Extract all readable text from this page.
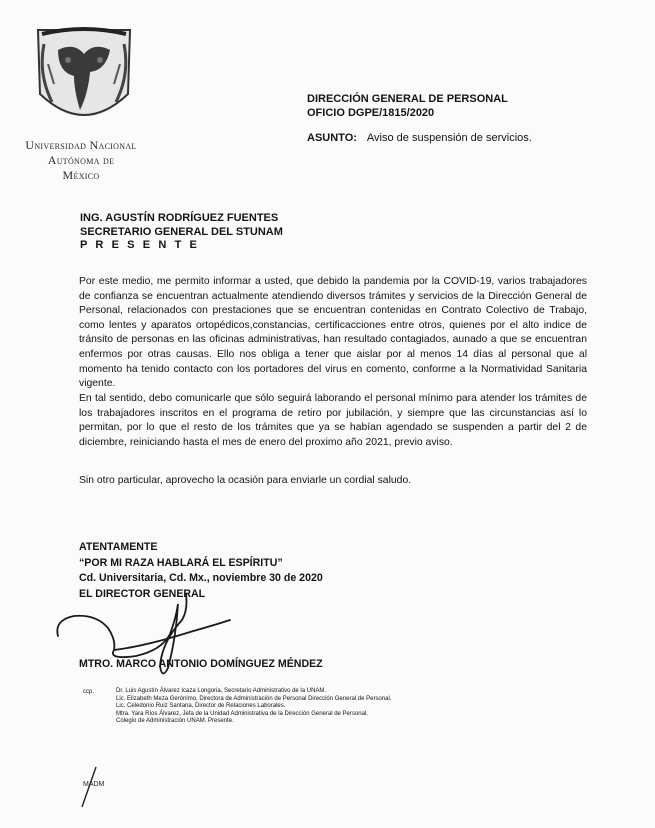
Universidad Nacional
Autónoma de
México
DIRECCIÓN GENERAL DE PERSONAL
OFICIO DGPE/1815/2020
ASUNTO: Aviso de suspensión de servicios.
ING. AGUSTÍN RODRÍGUEZ FUENTES
SECRETARIO GENERAL DEL STUNAM
P R E S E N T E
Por este medio, me permito informar a usted, que debido la pandemia por la COVID-19, varios trabajadores de confianza se encuentran actualmente atendiendo diversos trámites y servicios de la Dirección General de Personal, relacionados con prestaciones que se encuentran contenidas en Contrato Colectivo de Trabajo, como lentes y aparatos ortopédicos,constancias, certificacciones entre otros, quienes por el alto indice de tránsito de personas en las oficinas administrativas, han resultado contagiados, aunado a que se encuentran enfermos por otras causas. Ello nos obliga a tener que aislar por al menos 14 días al personal que al momento ha tenido contacto con los portadores del virus en comento, conforme a la Normatividad Sanitaria vigente.
En tal sentido, debo comunicarle que sólo seguirá laborando el personal mínimo para atender los trámites de los trabajadores inscritos en el programa de retiro por jubilación, y siempre que las circunstancias así lo permitan, por lo que el resto de los trámites que ya se habían agendado se suspenden a partir del 2 de diciembre, reiniciando hasta el mes de enero del proximo año 2021, previo aviso.
Sin otro particular, aprovecho la ocasión para enviarle un cordial saludo.
ATENTAMENTE
“POR MI RAZA HABLARÁ EL ESPÍRITU”
Cd. Universitaria, Cd. Mx., noviembre 30 de 2020
EL DIRECTOR GENERAL
MTRO. MARCO ANTONIO DOMÍNGUEZ MÉNDEZ
ccp.	Dr. Luis Agustín Álvarez Icaza Longoria, Secretario Administrativo de la UNAM.
Lic. Elizabeth Meza Gerónimo, Directora de Administración de Personal Dirección General de Personal.
Lic. Celedonio Ruiz Santana, Director de Relaciones Laborales.
Mtra. Yara Ríos Álvarez, Jefa de la Unidad Administrativa de la Dirección General de Personal.
Colegio de Administración UNAM. Presente.
MADM
